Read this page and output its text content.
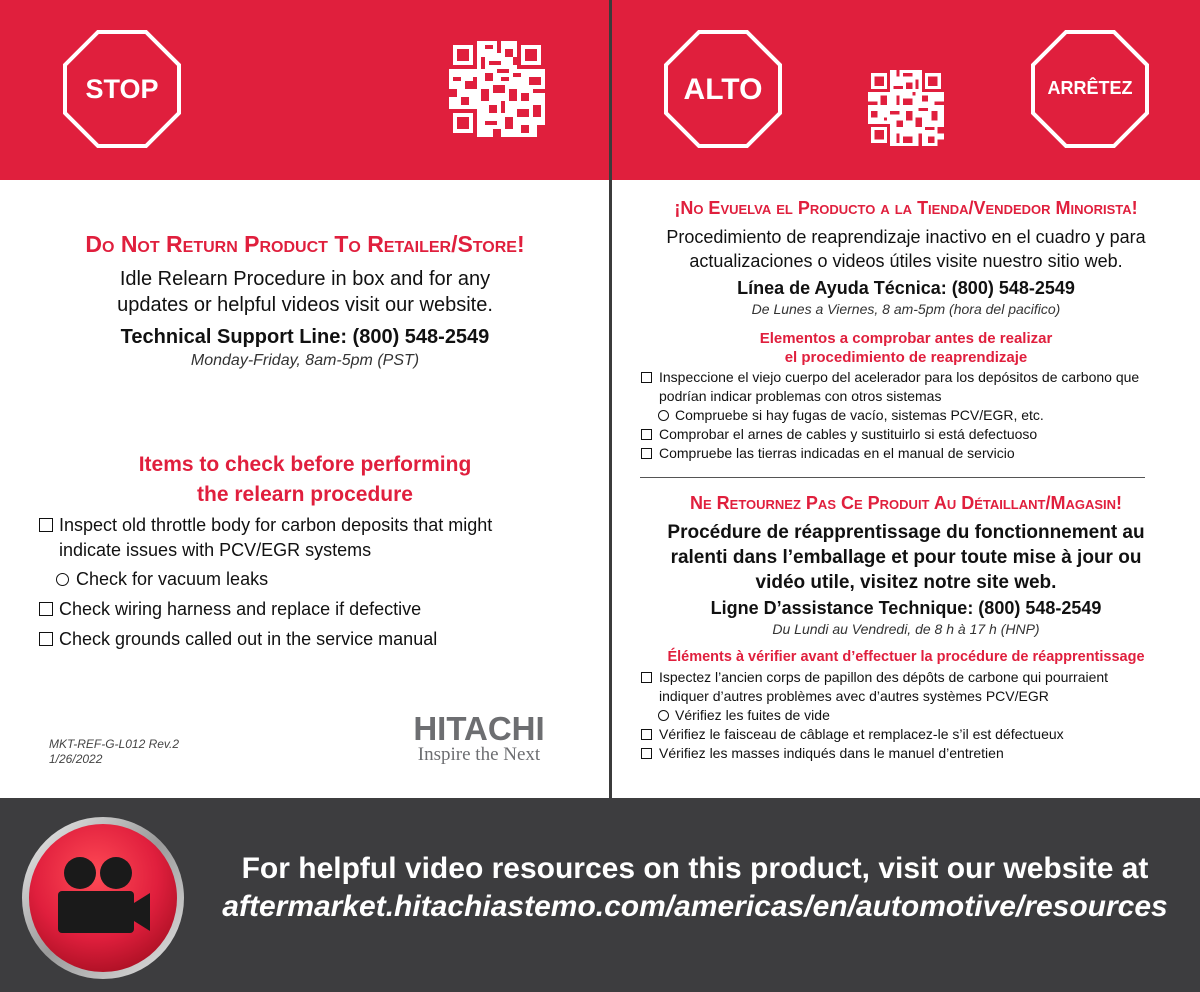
STOP	ALTO	ARRÊTEZ
Do Not Return Product To Retailer/Store!
Idle Relearn Procedure in box and for any
updates or helpful videos visit our website.
Technical Support Line: (800) 548-2549
Monday-Friday, 8am-5pm (PST)
Items to check before performing
the relearn procedure
Inspect old throttle body for carbon deposits that might
indicate issues with PCV/EGR systems
Check for vacuum leaks
Check wiring harness and replace if defective
Check grounds called out in the service manual
MKT-REF-G-L012 Rev.2
1/26/2022
HITACHI
Inspire the Next
¡No Evuelva el Producto a la Tienda/Vendedor Minorista!
Procedimiento de reaprendizaje inactivo en el cuadro y para
actualizaciones o videos útiles visite nuestro sitio web.
Línea de Ayuda Técnica: (800) 548-2549
De Lunes a Viernes, 8 am-5pm (hora del pacifico)
Elementos a comprobar antes de realizar
el procedimiento de reaprendizaje
Inspeccione el viejo cuerpo del acelerador para los depósitos de carbono que
podrían indicar problemas con otros sistemas
Compruebe si hay fugas de vacío, sistemas PCV/EGR, etc.
Comprobar el arnes de cables y sustituirlo si está defectuoso
Compruebe las tierras indicadas en el manual de servicio
Ne Retournez Pas Ce Produit Au Détaillant/Magasin!
Procédure de réapprentissage du fonctionnement au
ralenti dans l’emballage et pour toute mise à jour ou
vidéo utile, visitez notre site web.
Ligne D’assistance Technique: (800) 548-2549
Du Lundi au Vendredi, de 8 h à 17 h (HNP)
Éléments à vérifier avant d’effectuer la procédure de réapprentissage
Ispectez l’ancien corps de papillon des dépôts de carbone qui pourraient
indiquer d’autres problèmes avec d’autres systèmes PCV/EGR
Vérifiez les fuites de vide
Vérifiez le faisceau de câblage et remplacez-le s’il est défectueux
Vérifiez les masses indiqués dans le manuel d’entretien
For helpful video resources on this product, visit our website at
aftermarket.hitachiastemo.com/americas/en/automotive/resources
